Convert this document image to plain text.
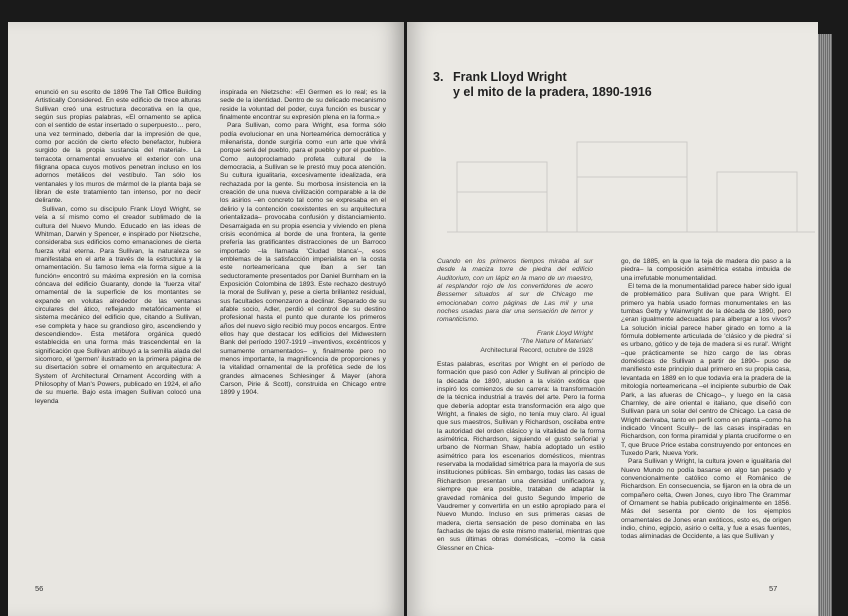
enunció en su escrito de 1896 The Tall Office Building Artistically Considered. En este edificio de trece alturas Sullivan creó una estructura decorativa en la que, según sus propias palabras, «El ornamento se aplica con el sentido de estar insertado o superpuesto… pero, una vez terminado, debería dar la impresión de que, como por acción de cierto efecto benefactor, hubiera surgido de la propia sustancia del material». La terracota ornamental envuelve el exterior con una filigrana opaca cuyos motivos penetran incluso en los adornos metálicos del vestíbulo. Tan sólo los ventanales y los muros de mármol de la planta baja se libran de este tratamiento tan intenso, por no decir delirante.

Sullivan, como su discípulo Frank Lloyd Wright, se veía a sí mismo como el creador sublimado de la cultura del Nuevo Mundo. Educado en las ideas de Whitman, Darwin y Spencer, e inspirado por Nietzsche, consideraba sus edificios como emanaciones de cierta fuerza vital eterna. Para Sullivan, la naturaleza se manifestaba en el arte a través de la estructura y la ornamentación. Su famoso lema «la forma sigue a la función» encontró su máxima expresión en la cornisa cóncava del edificio Guaranty, donde la 'fuerza vital' ornamental de la superficie de los montantes se expande en volutas alrededor de las ventanas circulares del ático, reflejando metafóricamente el sistema mecánico del edificio que, citando a Sullivan, «se completa y hace su grandioso giro, ascendiendo y descendiendo». Esta metáfora orgánica quedó establecida en una forma más trascendental en la significación que Sullivan atribuyó a la semilla alada del sicomoro, el 'germen' ilustrado en la primera página de su disertación sobre el ornamento en arquitectura: A System of Architectural Ornament According with a Philosophy of Man's Powers, publicado en 1924, el año de su muerte. Bajo esta imagen Sullivan colocó una leyenda

inspirada en Nietzsche: «El Germen es lo real; es la sede de la identidad. Dentro de su delicado mecanismo reside la voluntad del poder, cuya función es buscar y finalmente encontrar su expresión plena en la forma.»

Para Sullivan, como para Wright, esa forma sólo podía evolucionar en una Norteamérica democrática y milenarista, donde surgiría como «un arte que vivirá porque será del pueblo, para el pueblo y por el pueblo». Como autoproclamado profeta cultural de la democracia, a Sullivan se le prestó muy poca atención. Su cultura igualitaria, excesivamente idealizada, era rechazada por la gente. Su morbosa insistencia en la creación de una nueva civilización comparable a la de los asirios –en concreto tal como se expresaba en el delirio y la contención coexistentes en su arquitectura orientalizada– provocaba confusión y distanciamiento. Desarraigada en su propia esencia y viviendo en plena crisis económica al borde de una frontera, la gente prefería las gratificantes distracciones de un Barroco importado –la llamada 'Ciudad blanca'–, esos emblemas de la satisfacción imperialista en la costa este norteamericana que iban a ser tan seductoramente presentados por Daniel Burnham en la Exposición Colombina de 1893. Este rechazo destruyó la moral de Sullivan y, pese a cierta brillantez residual, sus facultades comenzaron a declinar. Separado de su afable socio, Adler, perdió el control de su destino profesional hasta el punto que durante los primeros años del nuevo siglo recibió muy pocos encargos. Entre ellos hay que destacar los edificios del Midwestern Bank del período 1907-1919 –inventivos, excéntricos y sumamente ornamentados– y, finalmente pero no menos importante, la magnificencia de proporciones y la vitalidad ornamental de la profética sede de los grandes almacenes Schlesinger & Mayer (ahora Carson, Pirie & Scott), construida en Chicago entre 1899 y 1904.

56
3. Frank Lloyd Wright
y el mito de la pradera, 1890-1916
Cuando en los primeros tiempos miraba al sur desde la maciza torre de piedra del edificio Auditorium, con un lápiz en la mano de un maestro, al resplandor rojo de los convertidores de acero Bessemer situados al sur de Chicago me emocionaban como páginas de Las mil y una noches usadas para dar una sensación de terror y romanticismo.
Frank Lloyd Wright
'The Nature of Materials'
Architectural Record, octubre de 1928

Estas palabras, escritas por Wright en el período de formación que pasó con Adler y Sullivan al principio de la década de 1890, aluden a la visión exótica que inspiró los comienzos de su carrera: la transformación de la técnica industrial a través del arte. Pero la forma que debería adoptar esta transformación era algo que Wright, a finales de siglo, no tenía muy claro. Al igual que sus maestros, Sullivan y Richardson, oscilaba entre la autoridad del orden clásico y la vitalidad de la forma asimétrica. Richardson, siguiendo el gusto señorial y urbano de Norman Shaw, había adoptado un estilo asimétrico para los escenarios domésticos, mientras reservaba la modalidad simétrica para la mayoría de sus instituciones públicas. Sin embargo, todas las casas de Richardson presentan una densidad unificadora y, siempre que era posible, trataban de adaptar la gravedad románica del gusto Segundo Imperio de Vaudremer y convertirla en un estilo apropiado para el Nuevo Mundo. Incluso en sus primeras casas de madera, cierta sensación de peso dominaba en las fachadas de tejas de este mismo material, mientras que en sus últimas obras domésticas, –como la casa Glessner en Chica-

go, de 1885, en la que la teja de madera dio paso a la piedra– la composición asimétrica estaba imbuida de una irrefutable monumentalidad.

El tema de la monumentalidad parece haber sido igual de problemático para Sullivan que para Wright. El primero ya había usado formas monumentales en las tumbas Getty y Wainwright de la década de 1890, pero ¿eran igualmente adecuadas para albergar a los vivos? La solución inicial parece haber girado en torno a la fórmula doblemente articulada de 'clásico y de piedra' si es urbano, gótico y de teja de madera si es rural'. Wright –que prácticamente se hizo cargo de las obras domésticas de Sullivan a partir de 1890– puso de manifiesto este principio dual primero en su propia casa, levantada en 1889 en lo que todavía era la pradera de la mitología norteamericana –el incipiente suburbio de Oak Park, a las afueras de Chicago–, y luego en la casa Charnley, de aire oriental e italiano, que diseñó con Sullivan para un solar del centro de Chicago. La casa de Wright derivaba, tanto en perfil como en planta –como ha indicado Vincent Scully– de las casas inspiradas en Richardson, con forma piramidal y planta cruciforme o en T, que Bruce Price estaba construyendo por entonces en Tuxedo Park, Nueva York.

Para Sullivan y Wright, la cultura joven e igualitaria del Nuevo Mundo no podía basarse en algo tan pesado y convencionalmente católico como el Románico de Richardson. En consecuencia, se fijaron en la obra de un compañero celta, Owen Jones, cuyo libro The Grammar of Ornament se había publicado originalmente en 1856. Más del sesenta por ciento de los ejemplos ornamentales de Jones eran exóticos, esto es, de origen indio, chino, egipcio, asirio o celta, y fue a esas fuentes, todas aliminadas de Occidente, a las que Sullivan y

57
